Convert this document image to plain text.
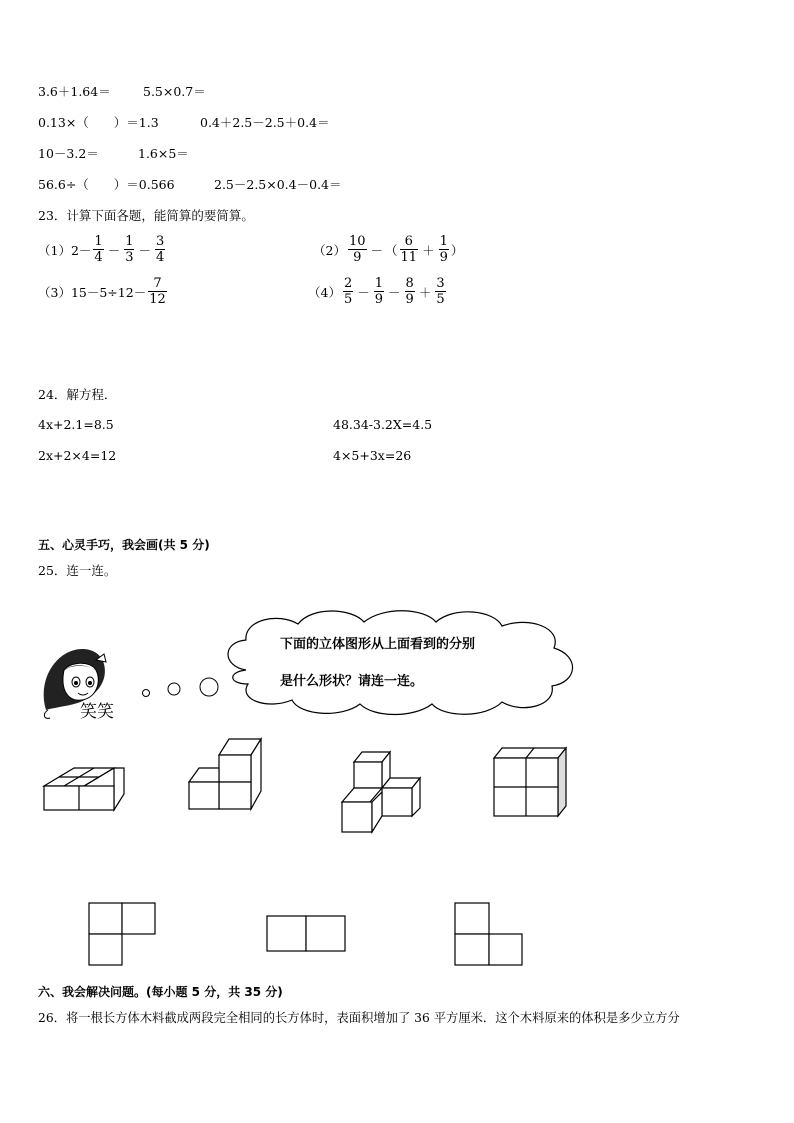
3.6＋1.64＝	5.5×0.7＝
0.13×（　　）＝1.3	0.4＋2.5－2.5＋0.4＝
10－3.2＝	1.6×5＝
56.6÷（　　）＝0.566	2.5－2.5×0.4－0.4＝
23．计算下面各题，能简算的要简算。
$(1)2- \frac{1}{4} - \frac{1}{3} - \frac{3}{4}$	$(2) \frac{10}{9}$ － （ $\frac{6}{11} + \frac{1}{9}$ ）
$(3)15-5\div 12- \frac{7}{12}$	$(4) \frac{2}{5} - \frac{1}{9} - \frac{8}{9} + \frac{3}{5}$
24．解方程．
4x+2.1=8.5	48.34-3.2X=4.5
2x+2×4=12	4×5+3x=26
五、心灵手巧，我会画(共 5 分)
25．连一连。
笑笑
下面的立体图形从上面看到的分别
是什么形状？请连一连。
六、我会解决问题。(每小题 5 分，共 35 分)
26．将一根长方体木料截成两段完全相同的长方体时，表面积增加了 36 平方厘米．这个木料原来的体积是多少立方分
